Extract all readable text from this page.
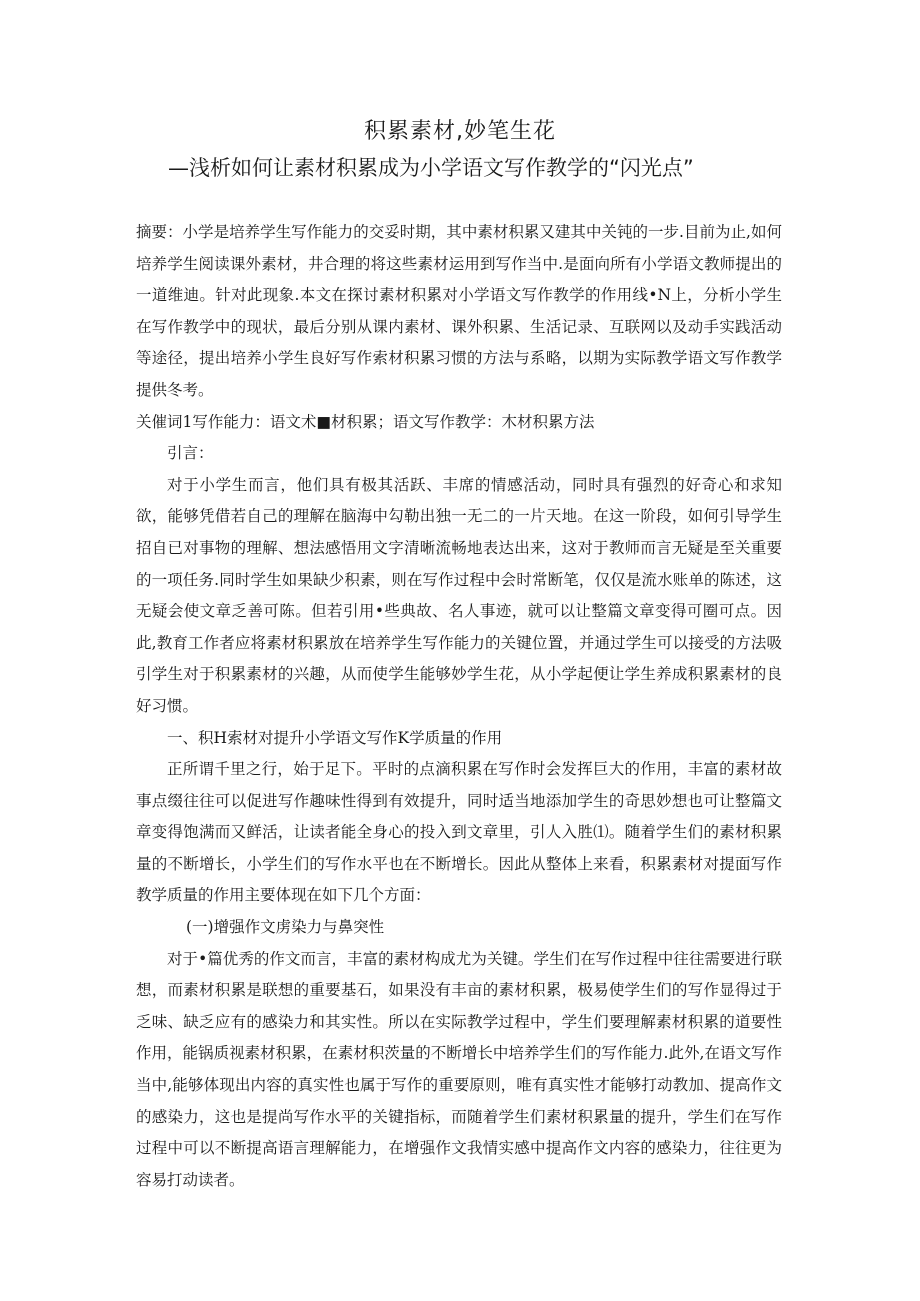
积累素材,妙笔生花
—浅析如何让素材积累成为小学语文写作教学的“闪光点”

摘要：小学是培养学生写作能力的交妥时期，其中素材积累又建其中关钝的一步.目前为止,如何培养学生阅读课外素材，井合理的将这些素材运用到写作当中.是面向所有小学语文教师提出的一道维迪。针对此现象.本文在探讨素材积累对小学语文写作教学的作用线•N上，分析小学生在写作教学中的现状，最后分别从课内素材、课外积累、生活记录、互联网以及动手实践活动等途径，提出培养小学生良好写作索材积累习惯的方法与系略，以期为实际教学语文写作教学提供冬考。

关催词1写作能力：语文术■材积累；语文写作教学：木材积累方法

引言：

对于小学生而言，他们具有极其活跃、丰席的情感活动，同时具有强烈的好奇心和求知欲，能够凭借若自己的理解在脑海中勾勒出独一无二的一片天地。在这一阶段，如何引导学生招自已对事物的理解、想法感悟用文字清晰流畅地表达出来，这对于教师而言无疑是至关重要的一项任务.同时学生如果缺少积素，则在写作过程中会时常断笔，仅仅是流水账单的陈述，这无疑会使文章乏善可陈。但若引用•些典故、名人事迹，就可以让整篇文章变得可圈可点。因此,教育工作者应将素材积累放在培养学生写作能力的关键位置，并通过学生可以接受的方法吸引学生对于积累素材的兴趣，从而使学生能够妙学生花，从小学起便让学生养成积累素材的良好习惯。

一、积H索材对提升小学语文写作K学质量的作用

正所谓千里之行，始于足下。平时的点滴积累在写作时会发挥巨大的作用，丰富的素材故事点缀往往可以促进写作趣味性得到有效提升，同时适当地添加学生的奇思妙想也可让整篇文章变得饱满而又鲜活，让读者能全身心的投入到文章里，引人入胜⑴。随着学生们的素材积累量的不断增长，小学生们的写作水平也在不断增长。因此从整体上来看，积累素材对提面写作教学质量的作用主要体现在如下几个方面：

(一)增强作文虏染力与鼻突性

对于•篇优秀的作文而言，丰富的素材构成尤为关键。学生们在写作过程中往往需要进行联想，而素材积累是联想的重要基石，如果没有丰亩的素材积累，极易使学生们的写作显得过于乏味、缺乏应有的感染力和其实性。所以在实际教学过程中，学生们要理解素材积累的道要性作用，能锅质视素材积累，在素材积茨量的不断增长中培养学生们的写作能力.此外,在语文写作当中,能够体现出内容的真实性也属于写作的重要原则，唯有真实性才能够打动教加、提高作文的感染力，这也是提尚写作水平的关键指标，而随着学生们素材积累量的提升，学生们在写作过程中可以不断提高语言理解能力，在增强作文我情实感中提高作文内容的感染力，往往更为容易打动读者。
